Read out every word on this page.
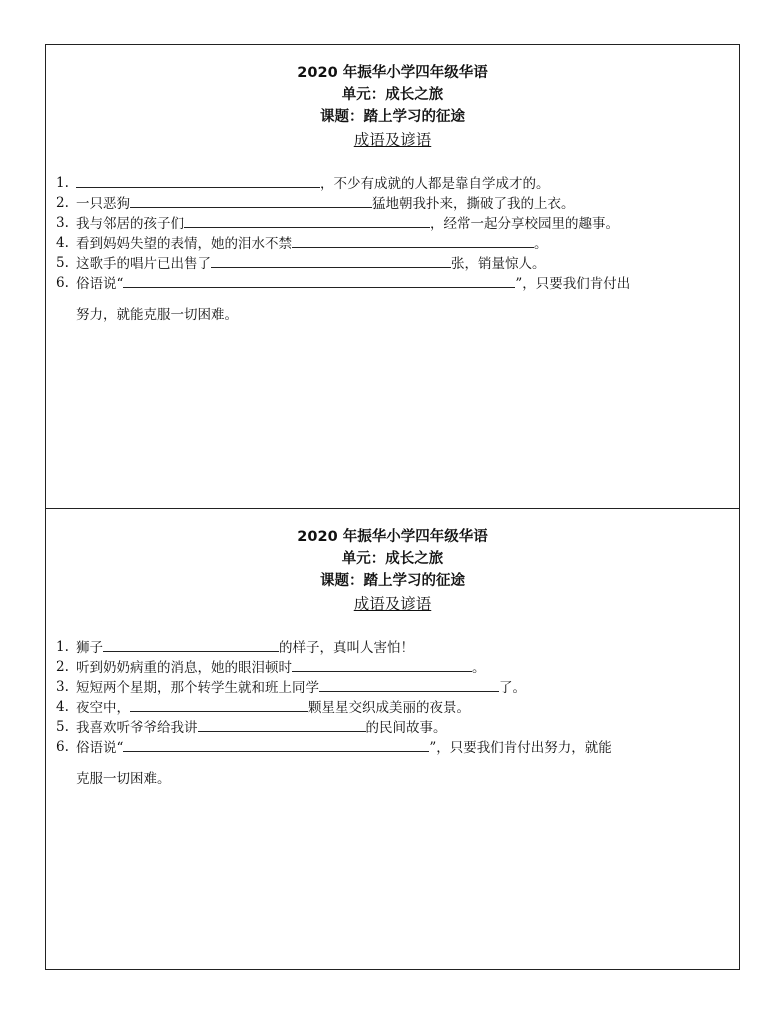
2020 年振华小学四年级华语
单元：成长之旅
课题：踏上学习的征途
成语及谚语
1.	，不少有成就的人都是靠自学成才的。
2. 一只恶狗	猛地朝我扑来，撕破了我的上衣。
3. 我与邻居的孩子们	，经常一起分享校园里的趣事。
4. 看到妈妈失望的表情，她的泪水不禁	。
5. 这歌手的唱片已出售了	张，销量惊人。
6. 俗语说“	”，只要我们肯付出
努力，就能克服一切困难。
2020 年振华小学四年级华语
单元：成长之旅
课题：踏上学习的征途
成语及谚语
1. 狮子	的样子，真叫人害怕！
2. 听到奶奶病重的消息，她的眼泪顿时	。
3. 短短两个星期，那个转学生就和班上同学	了。
4. 夜空中，	颗星星交织成美丽的夜景。
5. 我喜欢听爷爷给我讲	的民间故事。
6. 俗语说“	”，只要我们肯付出努力，就能
克服一切困难。
